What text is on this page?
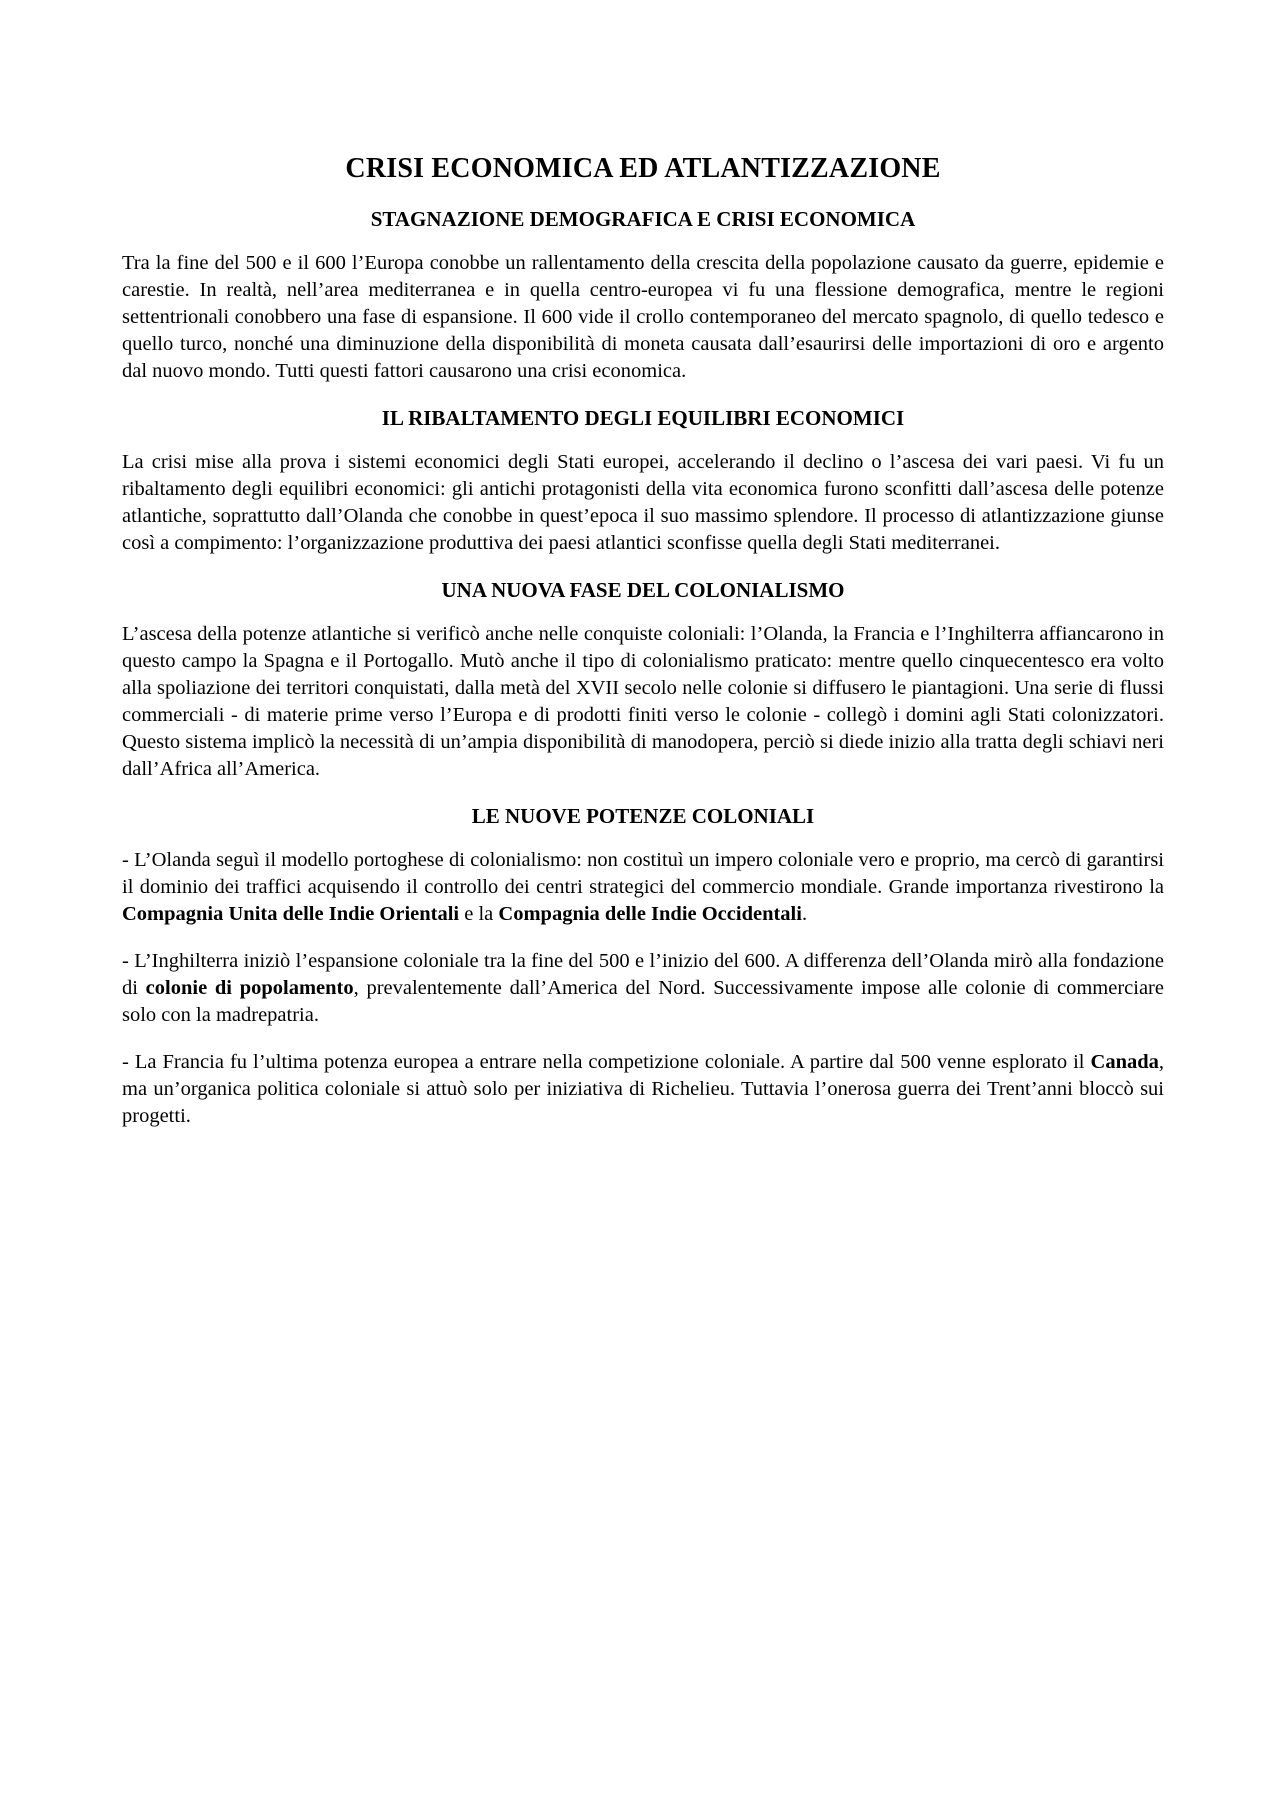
CRISI ECONOMICA ED ATLANTIZZAZIONE
STAGNAZIONE DEMOGRAFICA E CRISI ECONOMICA

Tra la fine del 500 e il 600 l’Europa conobbe un rallentamento della crescita della popolazione causato da guerre, epidemie e carestie. In realtà, nell’area mediterranea e in quella centro-europea vi fu una flessione demografica, mentre le regioni settentrionali conobbero una fase di espansione. Il 600 vide il crollo contemporaneo del mercato spagnolo, di quello tedesco e quello turco, nonché una diminuzione della disponibilità di moneta causata dall’esaurirsi delle importazioni di oro e argento dal nuovo mondo. Tutti questi fattori causarono una crisi economica.

IL RIBALTAMENTO DEGLI EQUILIBRI ECONOMICI

La crisi mise alla prova i sistemi economici degli Stati europei, accelerando il declino o l’ascesa dei vari paesi. Vi fu un ribaltamento degli equilibri economici: gli antichi protagonisti della vita economica furono sconfitti dall’ascesa delle potenze atlantiche, soprattutto dall’Olanda che conobbe in quest’epoca il suo massimo splendore. Il processo di atlantizzazione giunse così a compimento: l’organizzazione produttiva dei paesi atlantici sconfisse quella degli Stati mediterranei.

UNA NUOVA FASE DEL COLONIALISMO

L’ascesa della potenze atlantiche si verificò anche nelle conquiste coloniali: l’Olanda, la Francia e l’Inghilterra affiancarono in questo campo la Spagna e il Portogallo. Mutò anche il tipo di colonialismo praticato: mentre quello cinquecentesco era volto alla spoliazione dei territori conquistati, dalla metà del XVII secolo nelle colonie si diffusero le piantagioni. Una serie di flussi commerciali - di materie prime verso l’Europa e di prodotti finiti verso le colonie - collegò i domini agli Stati colonizzatori. Questo sistema implicò la necessità di un’ampia disponibilità di manodopera, perciò si diede inizio alla tratta degli schiavi neri dall’Africa all’America.

LE NUOVE POTENZE COLONIALI

- L’Olanda seguì il modello portoghese di colonialismo: non costituì un impero coloniale vero e proprio, ma cercò di garantirsi il dominio dei traffici acquisendo il controllo dei centri strategici del commercio mondiale. Grande importanza rivestirono la Compagnia Unita delle Indie Orientali e la Compagnia delle Indie Occidentali.

- L’Inghilterra iniziò l’espansione coloniale tra la fine del 500 e l’inizio del 600. A differenza dell’Olanda mirò alla fondazione di colonie di popolamento, prevalentemente dall’America del Nord. Successivamente impose alle colonie di commerciare solo con la madrepatria.

- La Francia fu l’ultima potenza europea a entrare nella competizione coloniale. A partire dal 500 venne esplorato il Canada, ma un’organica politica coloniale si attuò solo per iniziativa di Richelieu. Tuttavia l’onerosa guerra dei Trent’anni bloccò sui progetti.
